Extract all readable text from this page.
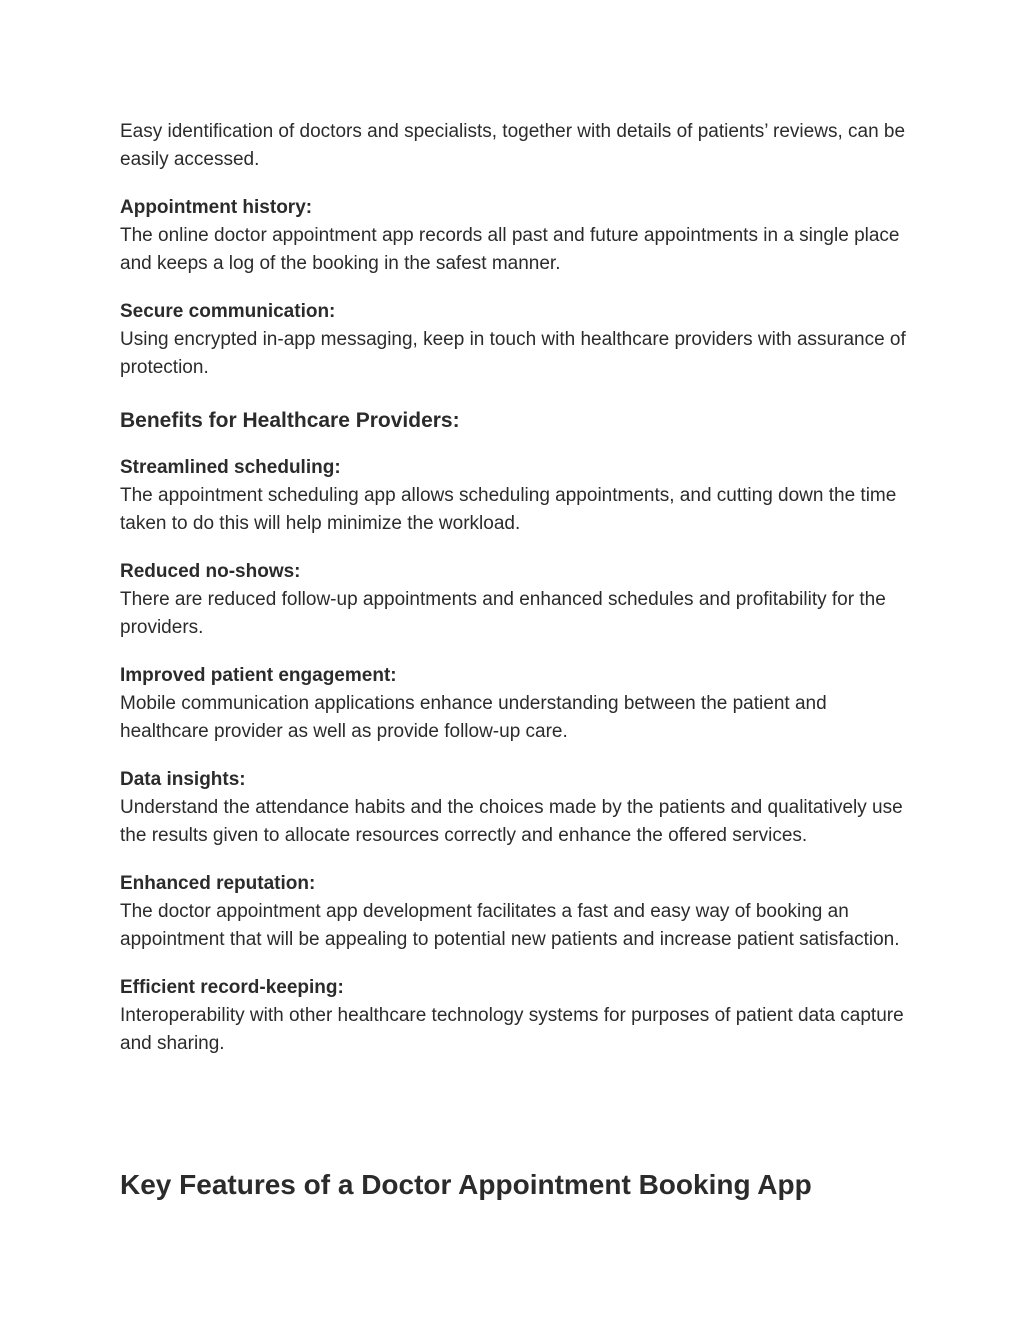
Easy identification of doctors and specialists, together with details of patients’ reviews, can be easily accessed.

Appointment history:
The online doctor appointment app records all past and future appointments in a single place and keeps a log of the booking in the safest manner.

Secure communication:
Using encrypted in-app messaging, keep in touch with healthcare providers with assurance of protection.

Benefits for Healthcare Providers:

Streamlined scheduling:
The appointment scheduling app allows scheduling appointments, and cutting down the time taken to do this will help minimize the workload.

Reduced no-shows:
There are reduced follow-up appointments and enhanced schedules and profitability for the providers.

Improved patient engagement:
Mobile communication applications enhance understanding between the patient and healthcare provider as well as provide follow-up care.

Data insights:
Understand the attendance habits and the choices made by the patients and qualitatively use the results given to allocate resources correctly and enhance the offered services.

Enhanced reputation:
The doctor appointment app development facilitates a fast and easy way of booking an appointment that will be appealing to potential new patients and increase patient satisfaction.

Efficient record-keeping:
Interoperability with other healthcare technology systems for purposes of patient data capture and sharing.

Key Features of a Doctor Appointment Booking App
